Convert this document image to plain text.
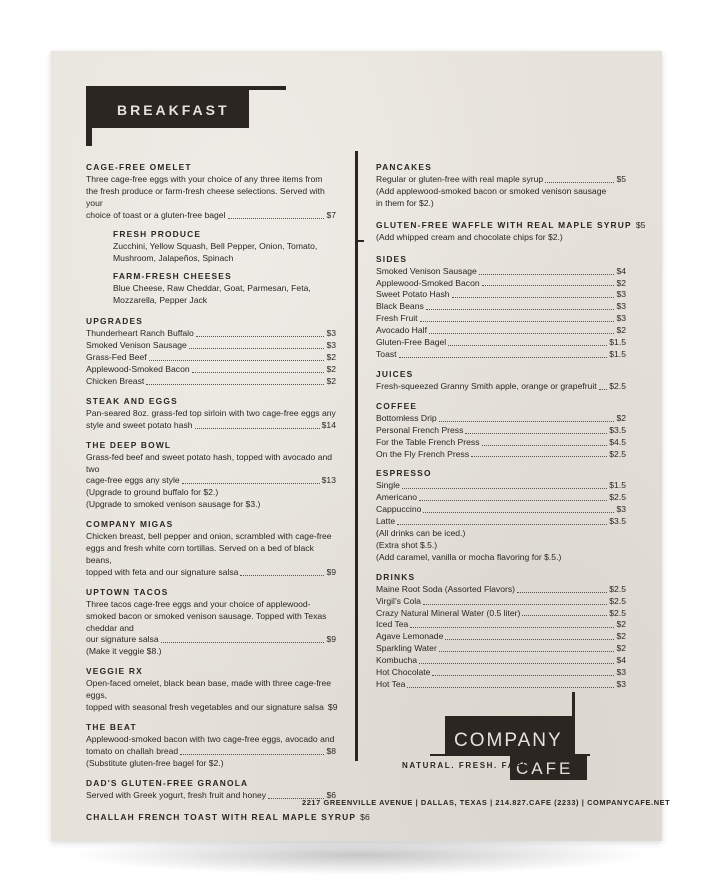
BREAKFAST
CAGE-FREE OMELET
Three cage-free eggs with your choice of any three items from the fresh produce or farm-fresh cheese selections. Served with your
choice of toast or a gluten-free bagel	$7
FRESH PRODUCE
Zucchini, Yellow Squash, Bell Pepper, Onion, Tomato, Mushroom, Jalapeños, Spinach
FARM-FRESH CHEESES
Blue Cheese, Raw Cheddar, Goat, Parmesan, Feta, Mozzarella, Pepper Jack
UPGRADES
Thunderheart Ranch Buffalo	$3
Smoked Venison Sausage	$3
Grass-Fed Beef	$2
Applewood-Smoked Bacon	$2
Chicken Breast	$2
STEAK AND EGGS
Pan-seared 8oz. grass-fed top sirloin with two cage-free eggs any
style and sweet potato hash	$14
THE DEEP BOWL
Grass-fed beef and sweet potato hash, topped with avocado and two
cage-free eggs any style	$13
(Upgrade to ground buffalo for $2.)
(Upgrade to smoked venison sausage for $3.)
COMPANY MIGAS
Chicken breast, bell pepper and onion, scrambled with cage-free eggs and fresh white corn tortillas. Served on a bed of black beans,
topped with feta and our signature salsa	$9
UPTOWN TACOS
Three tacos cage-free eggs and your choice of applewood-smoked bacon or smoked venison sausage. Topped with Texas cheddar and
our signature salsa	$9
(Make it veggie $8.)
VEGGIE RX
Open-faced omelet, black bean base, made with three cage-free eggs,
topped with seasonal fresh vegetables and our signature salsa $9
THE BEAT
Applewood-smoked bacon with two cage-free eggs, avocado and
tomato on challah bread	$8
(Substitute gluten-free bagel for $2.)
DAD'S GLUTEN-FREE GRANOLA
Served with Greek yogurt, fresh fruit and honey	$6
CHALLAH FRENCH TOAST WITH REAL MAPLE SYRUP $6
PANCAKES
Regular or gluten-free with real maple syrup	$5
(Add applewood-smoked bacon or smoked venison sausage
in them for $2.)
GLUTEN-FREE WAFFLE WITH REAL MAPLE SYRUP $5
(Add whipped cream and chocolate chips for $2.)
SIDES
Smoked Venison Sausage	$4
Applewood-Smoked Bacon	$2
Sweet Potato Hash	$3
Black Beans	$3
Fresh Fruit	$3
Avocado Half	$2
Gluten-Free Bagel	$1.5
Toast	$1.5
JUICES
Fresh-squeezed Granny Smith apple, orange or grapefruit $2.5
COFFEE
Bottomless Drip	$2
Personal French Press	$3.5
For the Table French Press	$4.5
On the Fly French Press	$2.5
ESPRESSO
Single	$1.5
Americano	$2.5
Cappuccino	$3
Latte	$3.5
(All drinks can be iced.)
(Extra shot $.5.)
(Add caramel, vanilla or mocha flavoring for $.5.)
DRINKS
Maine Root Soda (Assorted Flavors)	$2.5
Virgil's Cola	$2.5
Crazy Natural Mineral Water (0.5 liter)	$2.5
Iced Tea	$2
Agave Lemonade	$2
Sparkling Water	$2
Kombucha	$4
Hot Chocolate	$3
Hot Tea	$3
COMPANY
CAFE
NATURAL. FRESH. FARE.
2217 GREENVILLE AVENUE | DALLAS, TEXAS | 214.827.CAFE (2233) | COMPANYCAFE.NET
